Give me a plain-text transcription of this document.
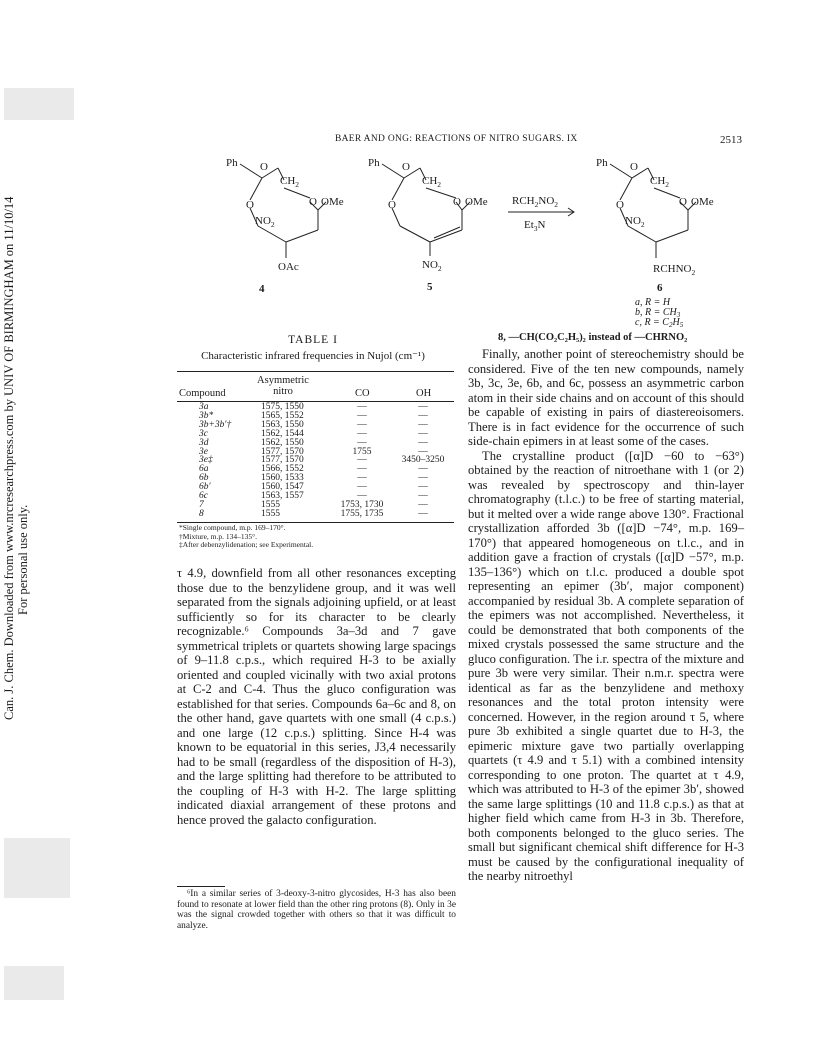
Can. J. Chem. Downloaded from www.nrcresearchpress.com by UNIV OF BIRMINGHAM on 11/10/14 For personal use only.
BAER AND ONG: REACTIONS OF NITRO SUGARS. IX	2513
Ph O
$CH_2$
O	O OMe
$NO_2$
OAc
4
Ph O
$CH_2$
O	O OMe
$NO_2$
5
$RCH_2NO_2$
$Et_3N$
Ph O
$CH_2$
O	O OMe
$NO_2$
$RCHNO_2$
6
a, R = H
b, $R = CH_3$
c, $R = C_2H_5$
8, —CH(CO₂C₂H₅)₂ instead of —CHRNO₂
TABLE I
Characteristic infrared frequencies in Nujol (cm⁻¹)
Compound
Asymmetric
nitro	CO	OH
3a	1575, 1550	—	—
3b*	1565, 1552	—	—
3b+3b′†	1563, 1550	—	—
3c	1562, 1544	—	—
3d	1562, 1550	—	—
3e	1577, 1570	1755	—
3e‡	1577, 1570	—	3450–3250
6a	1566, 1552	—	—
6b	1560, 1533	—	—
6b′	1560, 1547	—	—
6c	1563, 1557	—	—
7	1555	1753, 1730	—
8	1555	1755, 1735	—
*Single compound, m.p. 169–170°.
†Mixture, m.p. 134–135°.
‡After debenzylidenation; see Experimental.

τ 4.9, downfield from all other resonances excepting those due to the benzylidene group, and it was well separated from the signals adjoining upfield, or at least sufficiently so for its character to be clearly recognizable.⁶ Compounds 3a–3d and 7 gave symmetrical triplets or quartets showing large spacings of 9–11.8 c.p.s., which required H-3 to be axially oriented and coupled vicinally with two axial protons at C-2 and C-4. Thus the gluco configuration was established for that series. Compounds 6a–6c and 8, on the other hand, gave quartets with one small (4 c.p.s.) and one large (12 c.p.s.) splitting. Since H-4 was known to be equatorial in this series, J3,4 necessarily had to be small (regardless of the disposition of H-3), and the large splitting had therefore to be attributed to the coupling of H-3 with H-2. The large splitting indicated diaxial arrangement of these protons and hence proved the galacto configuration.

⁶In a similar series of 3-deoxy-3-nitro glycosides, H-3 has also been found to resonate at lower field than the other ring protons (8). Only in 3e was the signal crowded together with others so that it was difficult to analyze.

Finally, another point of stereochemistry should be considered. Five of the ten new compounds, namely 3b, 3c, 3e, 6b, and 6c, possess an asymmetric carbon atom in their side chains and on account of this should be capable of existing in pairs of diastereoisomers. There is in fact evidence for the occurrence of such side-chain epimers in at least some of the cases.

The crystalline product ([α]D −60 to −63°) obtained by the reaction of nitroethane with 1 (or 2) was revealed by spectroscopy and thin-layer chromatography (t.l.c.) to be free of starting material, but it melted over a wide range above 130°. Fractional crystallization afforded 3b ([α]D −74°, m.p. 169–170°) that appeared homogeneous on t.l.c., and in addition gave a fraction of crystals ([α]D −57°, m.p. 135–136°) which on t.l.c. produced a double spot representing an epimer (3b′, major component) accompanied by residual 3b. A complete separation of the epimers was not accomplished. Nevertheless, it could be demonstrated that both components of the mixed crystals possessed the same structure and the gluco configuration. The i.r. spectra of the mixture and pure 3b were very similar. Their n.m.r. spectra were identical as far as the benzylidene and methoxy resonances and the total proton intensity were concerned. However, in the region around τ 5, where pure 3b exhibited a single quartet due to H-3, the epimeric mixture gave two partially overlapping quartets (τ 4.9 and τ 5.1) with a combined intensity corresponding to one proton. The quartet at τ 4.9, which was attributed to H-3 of the epimer 3b′, showed the same large splittings (10 and 11.8 c.p.s.) as that at higher field which came from H-3 in 3b. Therefore, both components belonged to the gluco series. The small but significant chemical shift difference for H-3 must be caused by the configurational inequality of the nearby nitroethyl
